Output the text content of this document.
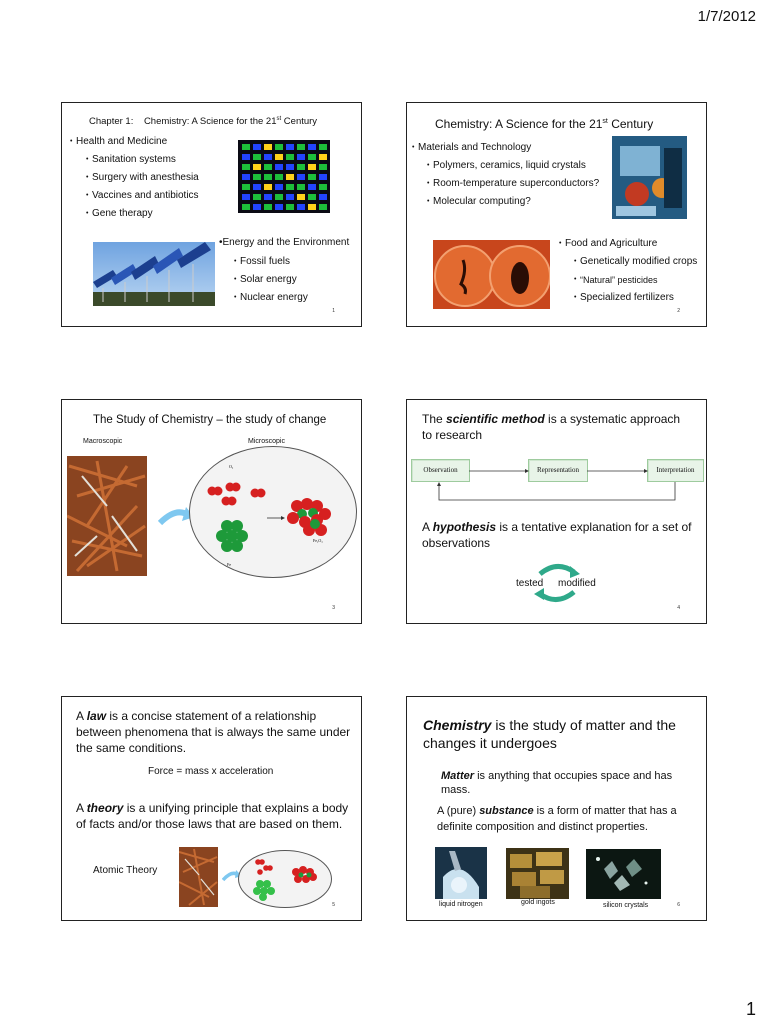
1/7/2012
Chapter 1: Chemistry: A Science for the 21st Century
• Health and Medicine
• Sanitation systems
• Surgery with anesthesia
• Vaccines and antibiotics
• Gene therapy
•Energy and the Environment
• Fossil fuels
• Solar energy
• Nuclear energy
1
Chemistry: A Science for the 21st Century
• Materials and Technology
• Polymers, ceramics, liquid crystals
• Room-temperature superconductors?
• Molecular computing?
• Food and Agriculture
• Genetically modified crops
• “Natural” pesticides
• Specialized fertilizers
2
The Study of Chemistry – the study of change
Macroscopic	Microscopic
O₂
Fe
Fe₂O₃
3
The scientific method is a systematic approach to research
Observation	Representation	Interpretation
A hypothesis is a tentative explanation for a set of observations
tested modified
4
A law is a concise statement of a relationship between phenomena that is always the same under the same conditions.
Force = mass x acceleration
A theory is a unifying principle that explains a body of facts and/or those laws that are based on them.
Atomic Theory
5
Chemistry is the study of matter and the changes it undergoes
Matter is anything that occupies space and has mass.
A (pure) substance is a form of matter that has a definite composition and distinct properties.
liquid nitrogen	gold ingots	silicon crystals	6
1
